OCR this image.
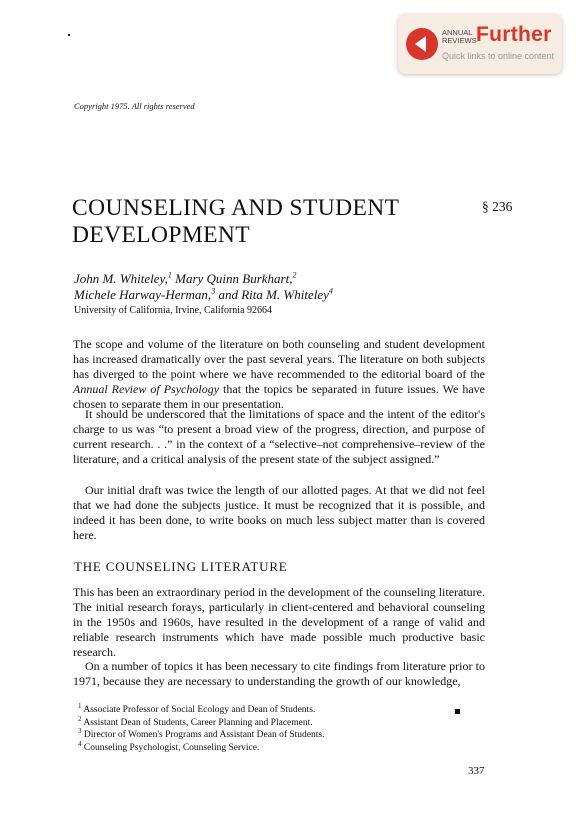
ANNUAL
REVIEWS Further
Quick links to online content
Copyright 1975. All rights reserved
COUNSELING AND STUDENT
DEVELOPMENT
§ 236
John M. Whiteley,$^1$ Mary Quinn Burkhart,$^2$
Michele Harway-Herman,$^3$ and Rita M. Whiteley$^4$
University of California, Irvine, California 92664

The scope and volume of the literature on both counseling and student development has increased dramatically over the past several years. The literature on both subjects has diverged to the point where we have recommended to the editorial board of the Annual Review of Psychology that the topics be separated in future issues. We have chosen to separate them in our presentation.

It should be underscored that the limitations of space and the intent of the editor's charge to us was “to present a broad view of the progress, direction, and purpose of current research. . .” in the context of a “selective–not comprehensive–review of the literature, and a critical analysis of the present state of the subject assigned.”

Our initial draft was twice the length of our allotted pages. At that we did not feel that we had done the subjects justice. It must be recognized that it is possible, and indeed it has been done, to write books on much less subject matter than is covered here.

THE COUNSELING LITERATURE

This has been an extraordinary period in the development of the counseling literature. The initial research forays, particularly in client-centered and behavioral counseling in the 1950s and 1960s, have resulted in the development of a range of valid and reliable research instruments which have made possible much productive basic research.

On a number of topics it has been necessary to cite findings from literature prior to 1971, because they are necessary to understanding the growth of our knowledge,

$^1$ Associate Professor of Social Ecology and Dean of Students.
$^2$ Assistant Dean of Students, Career Planning and Placement.
$^3$ Director of Women's Programs and Assistant Dean of Students.
$^4$ Counseling Psychologist, Counseling Service.
337
